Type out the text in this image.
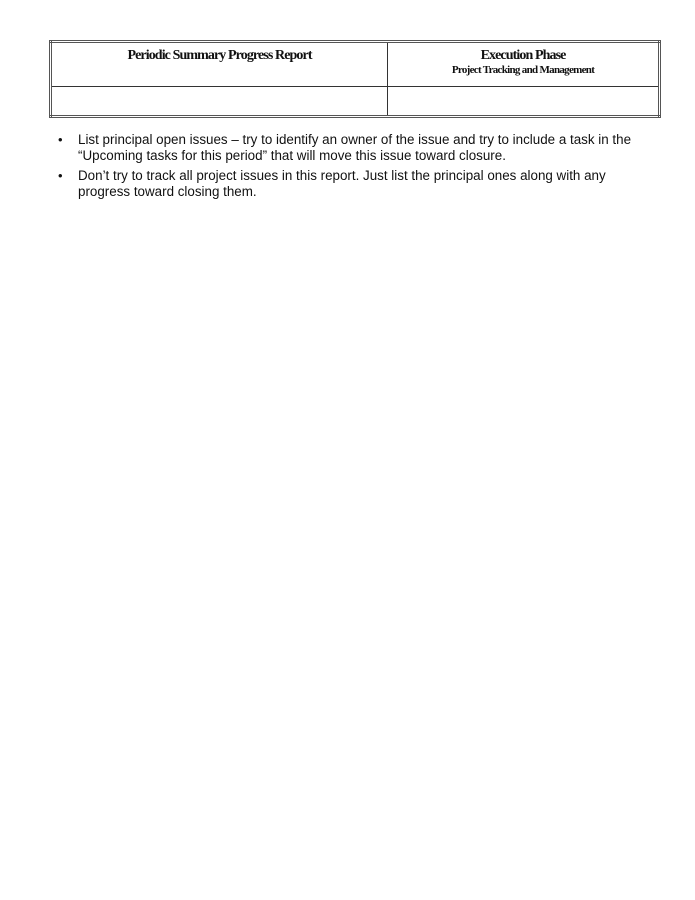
Periodic Summary Progress Report	Execution Phase
Project Tracking and Management

• List principal open issues – try to identify an owner of the issue and try to include a task in the “Upcoming tasks for this period” that will move this issue toward closure.
• Don’t try to track all project issues in this report. Just list the principal ones along with any progress toward closing them.
